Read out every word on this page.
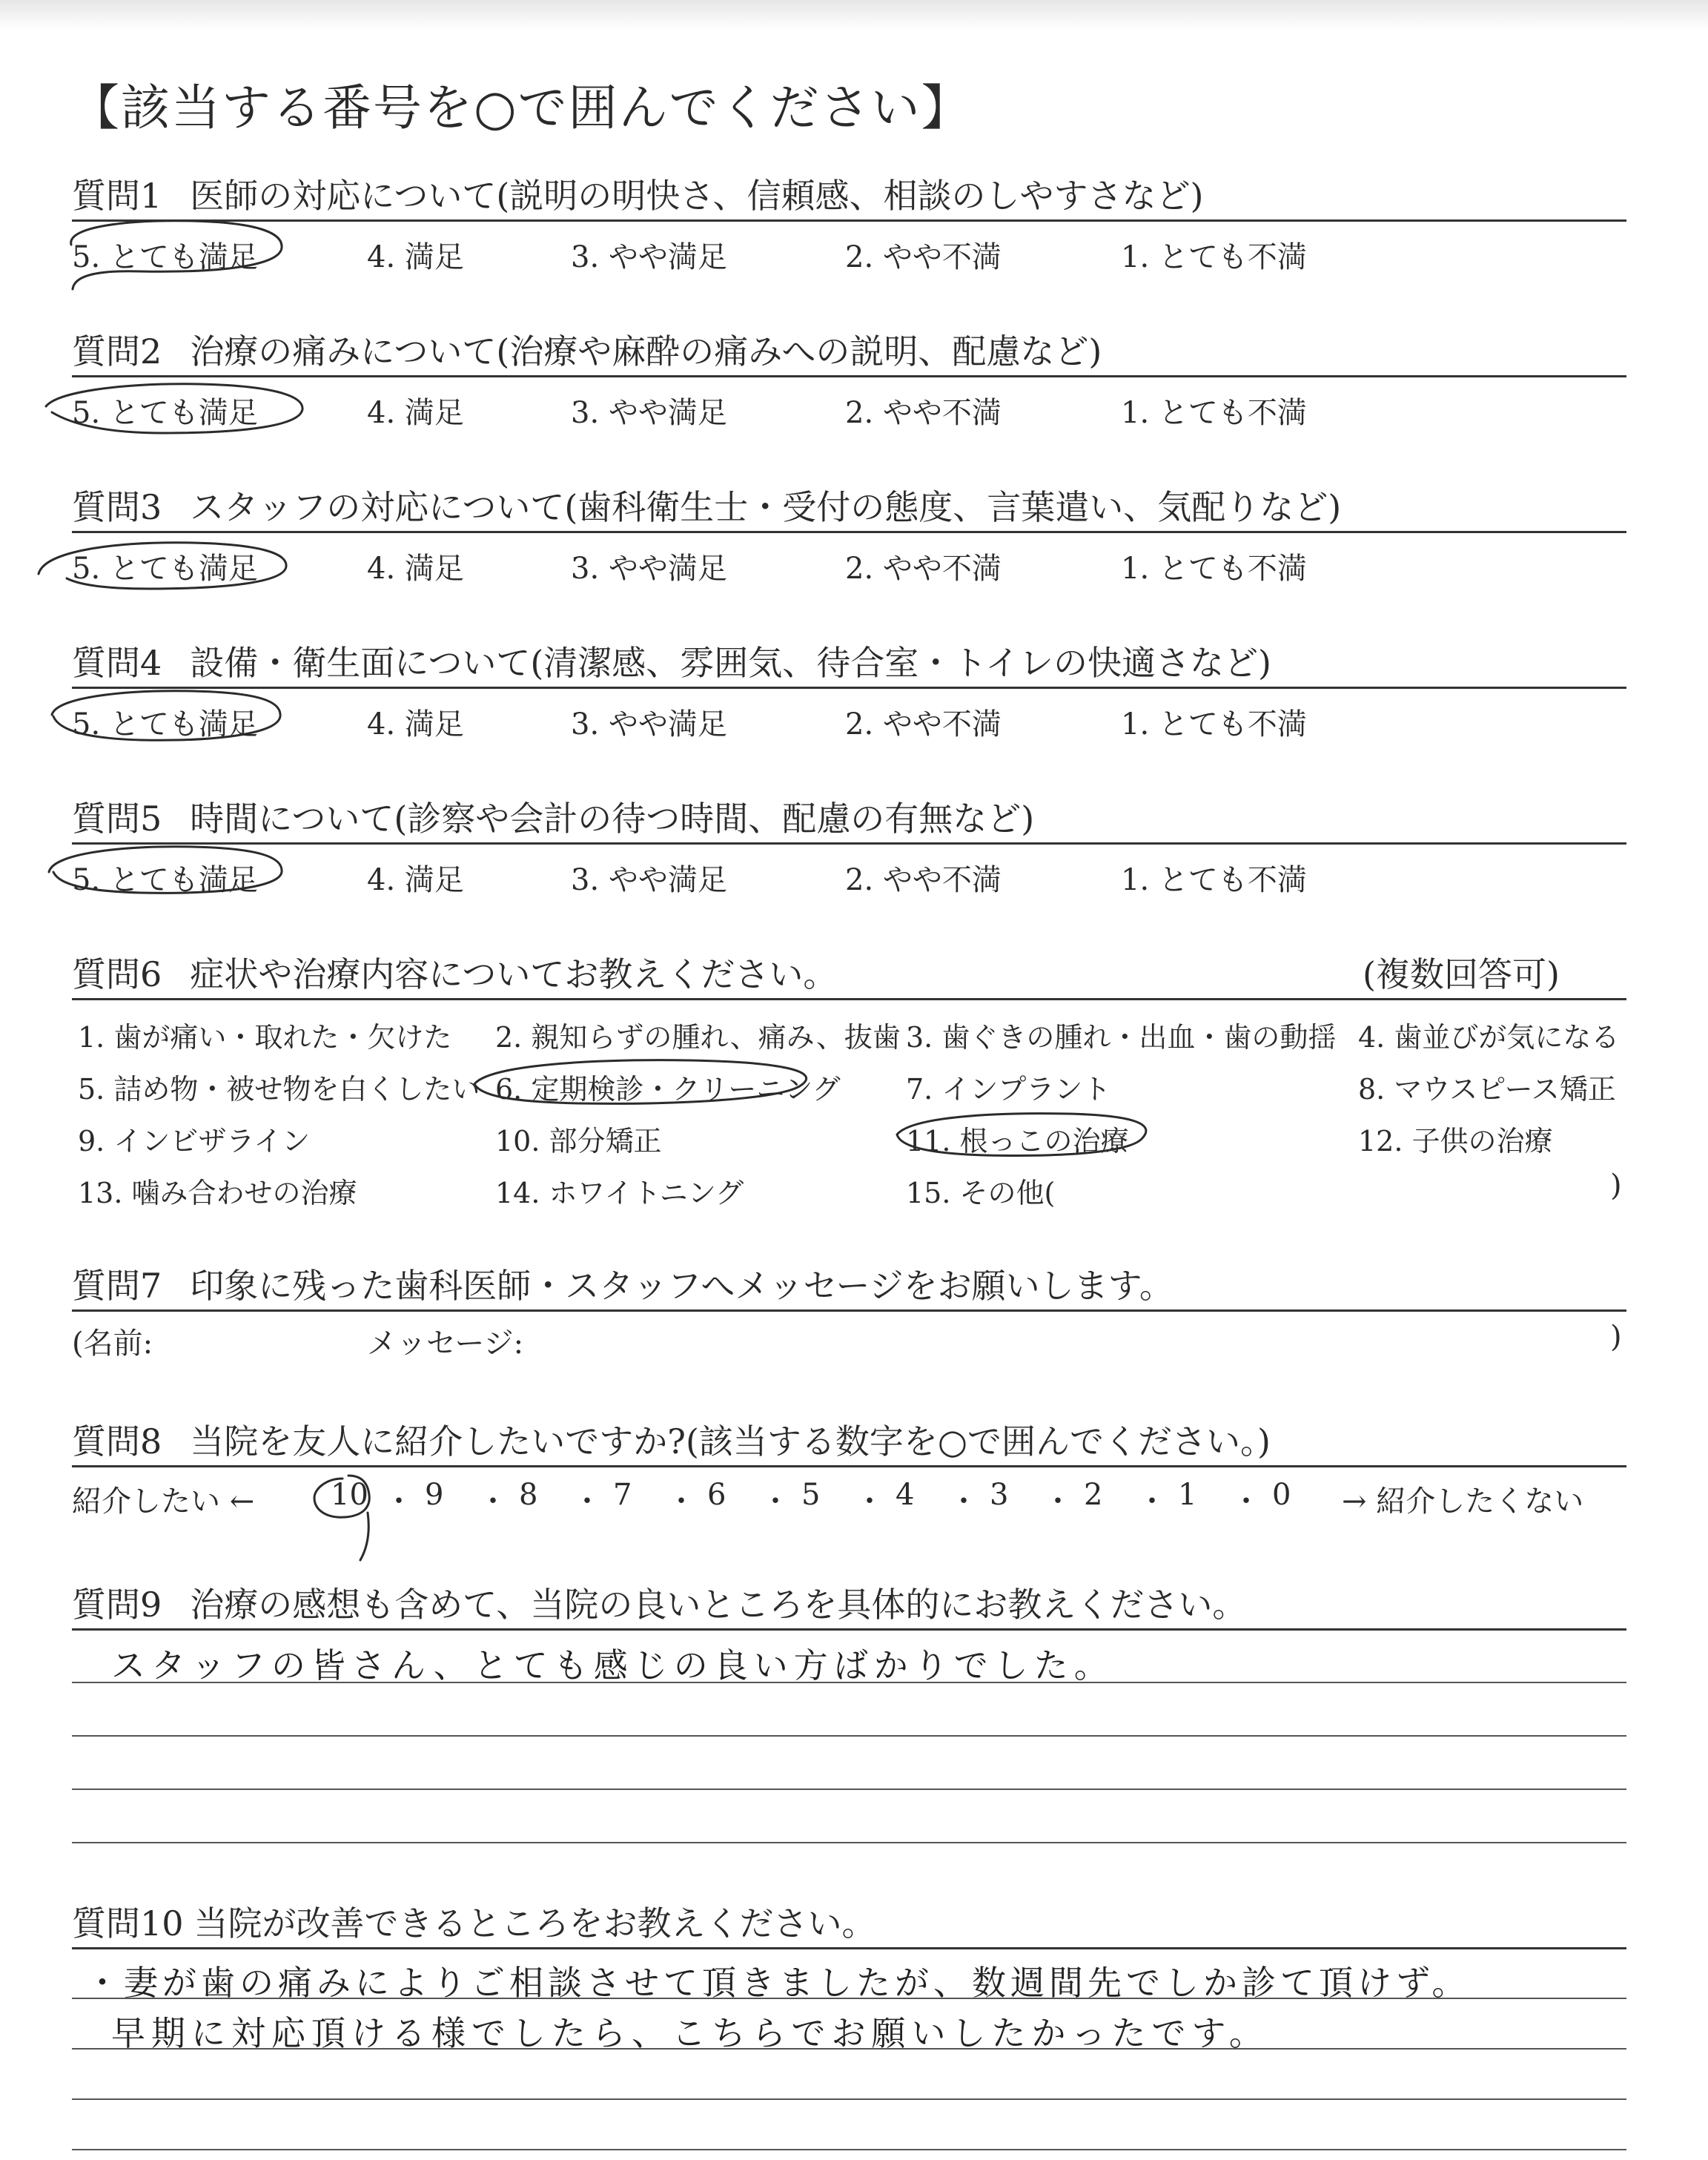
【該当する番号を○で囲んでください】
質問1 医師の対応について(説明の明快さ、信頼感、相談のしやすさなど)
5. とても満足	4. 満足	3. やや満足	2. やや不満	1. とても不満
質問2 治療の痛みについて(治療や麻酔の痛みへの説明、配慮など)
5. とても満足	4. 満足	3. やや満足	2. やや不満	1. とても不満
質問3 スタッフの対応について(歯科衛生士・受付の態度、言葉遣い、気配りなど)
5. とても満足	4. 満足	3. やや満足	2. やや不満	1. とても不満
質問4 設備・衛生面について(清潔感、雰囲気、待合室・トイレの快適さなど)
5. とても満足	4. 満足	3. やや満足	2. やや不満	1. とても不満
質問5 時間について(診察や会計の待つ時間、配慮の有無など)
5. とても満足	4. 満足	3. やや満足	2. やや不満	1. とても不満
質問6 症状や治療内容についてお教えください。	(複数回答可)
1. 歯が痛い・取れた・欠けた 2. 親知らずの腫れ、痛み、抜歯 3. 歯ぐきの腫れ・出血・歯の動揺 4. 歯並びが気になる
5. 詰め物・被せ物を白くしたい 6. 定期検診・クリーニング 7. インプラント	8. マウスピース矯正
9. インビザライン	10. 部分矯正	11. 根っこの治療	12. 子供の治療
13. 噛み合わせの治療	14. ホワイトニング	15. その他(	)
質問7 印象に残った歯科医師・スタッフへメッセージをお願いします。
(名前:	メッセージ:	)
質問8 当院を友人に紹介したいですか?(該当する数字を○で囲んでください。)
紹介したい ←	→ 紹介したくない
10 ・ 9 ・ 8 ・ 7 ・ 6 ・ 5 ・ 4 ・ 3 ・ 2 ・ 1 ・ 0
質問9 治療の感想も含めて、当院の良いところを具体的にお教えください。
スタッフの皆さん、とても感じの良い方ばかりでした。
質問10 当院が改善できるところをお教えください。
・妻が歯の痛みによりご相談させて頂きましたが、数週間先でしか診て頂けず。
早期に対応頂ける様でしたら、こちらでお願いしたかったです。
